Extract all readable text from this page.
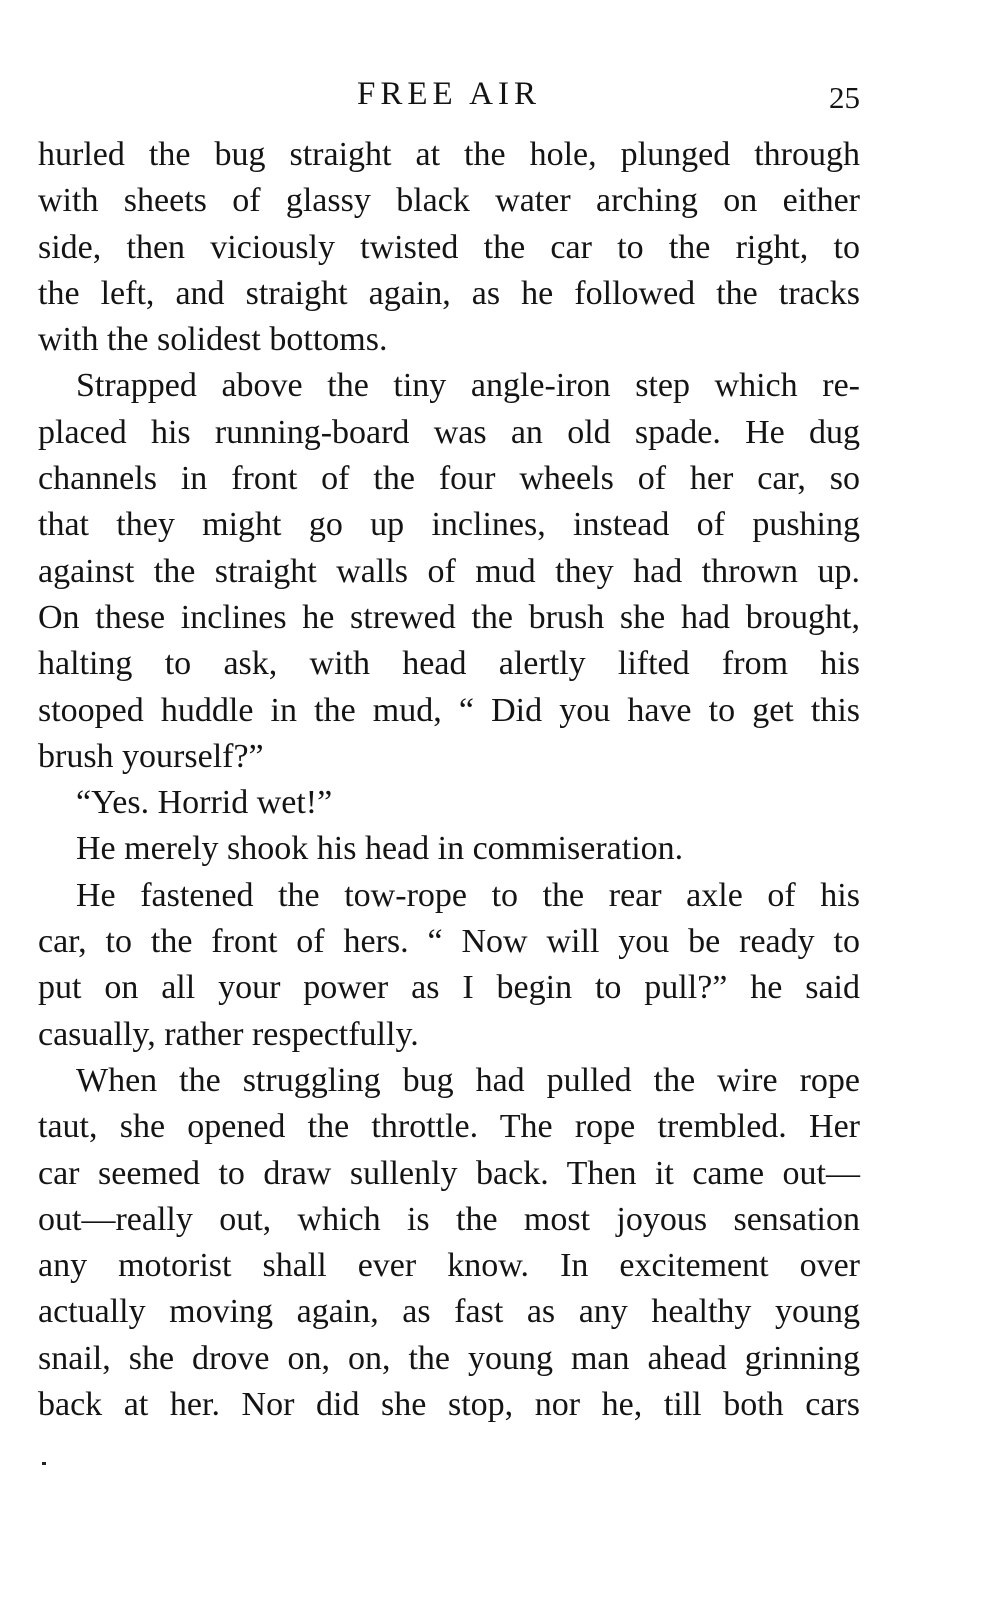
FREE AIR	25
hurled the bug straight at the hole, plunged through
with sheets of glassy black water arching on either
side, then viciously twisted the car to the right, to
the left, and straight again, as he followed the tracks
with the solidest bottoms.
Strapped above the tiny angle-iron step which re-
placed his running-board was an old spade. He dug
channels in front of the four wheels of her car, so
that they might go up inclines, instead of pushing
against the straight walls of mud they had thrown up.
On these inclines he strewed the brush she had brought,
halting to ask, with head alertly lifted from his
stooped huddle in the mud, “ Did you have to get this
brush yourself?”
“Yes. Horrid wet!”
He merely shook his head in commiseration.
He fastened the tow-rope to the rear axle of his
car, to the front of hers. “ Now will you be ready to
put on all your power as I begin to pull?” he said
casually, rather respectfully.
When the struggling bug had pulled the wire rope
taut, she opened the throttle. The rope trembled. Her
car seemed to draw sullenly back. Then it came out—
out—really out, which is the most joyous sensation
any motorist shall ever know. In excitement over
actually moving again, as fast as any healthy young
snail, she drove on, on, the young man ahead grinning
back at her. Nor did she stop, nor he, till both cars
